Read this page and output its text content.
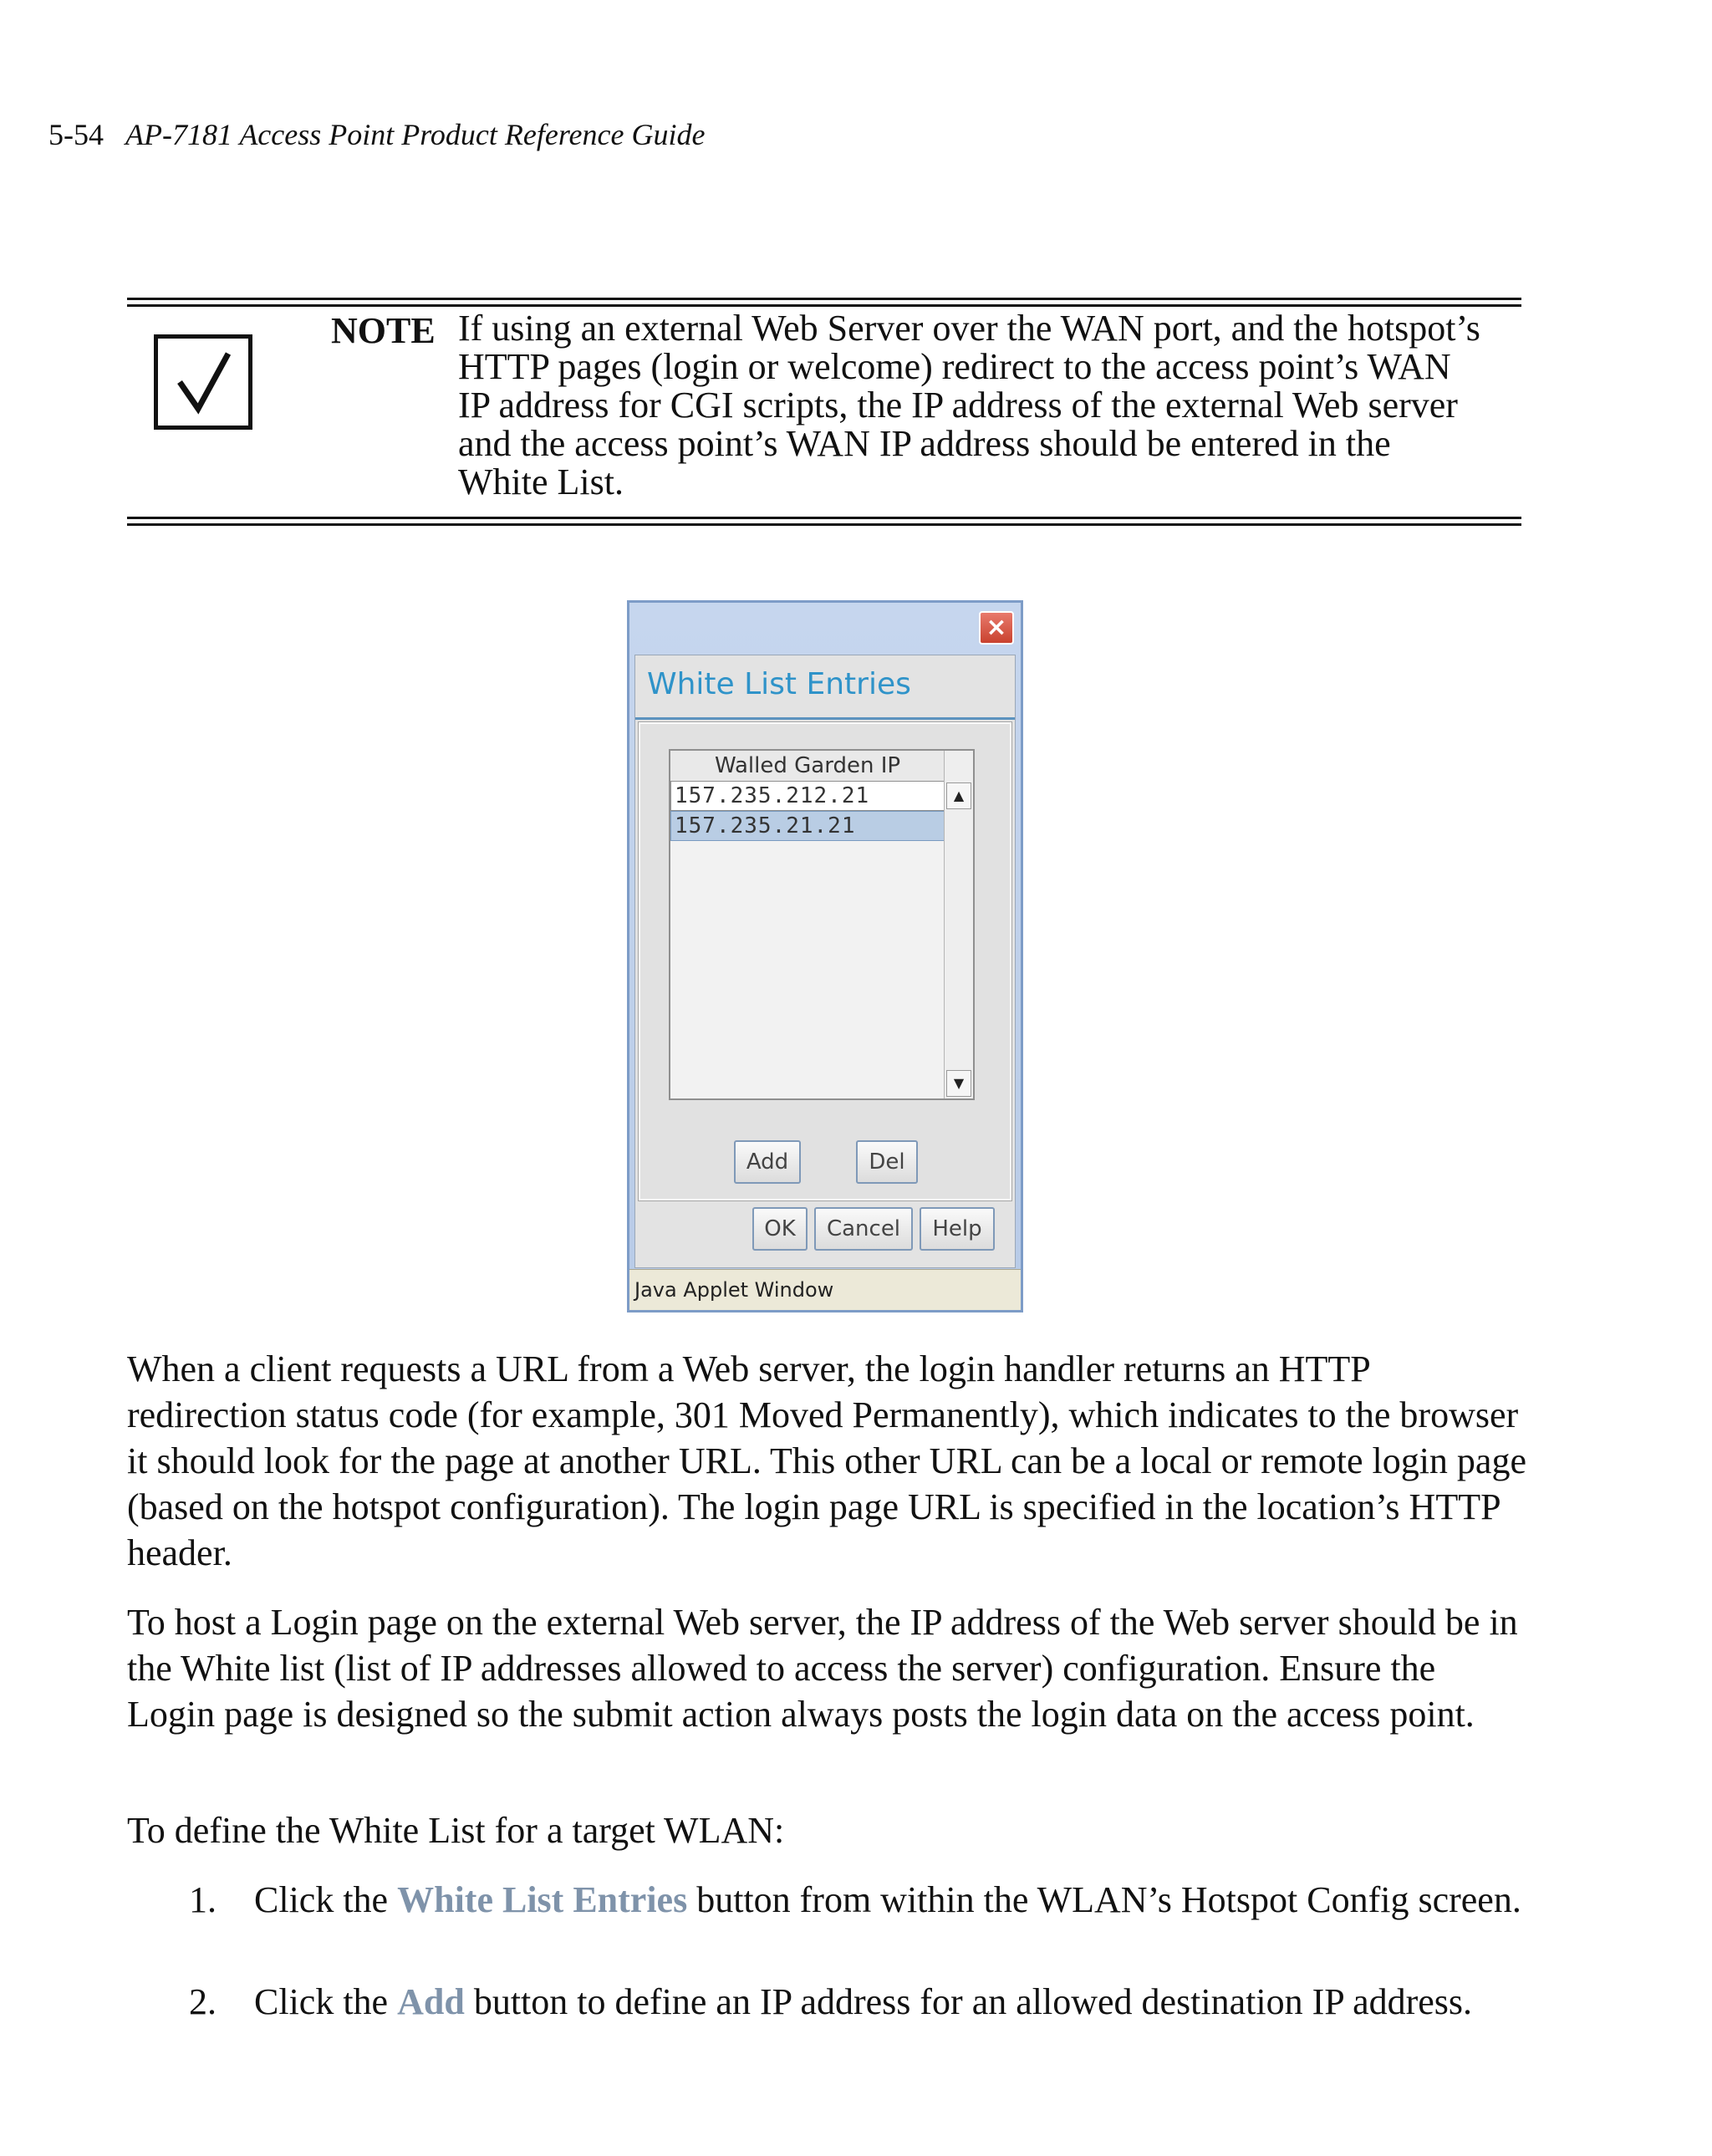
5-54 AP-7181 Access Point Product Reference Guide
NOTE If using an external Web Server over the WAN port, and the hotspot’s HTTP pages (login or welcome) redirect to the access point’s WAN IP address for CGI scripts, the IP address of the external Web server and the access point’s WAN IP address should be entered in the White List.
×
White List Entries
Walled Garden IP
157.235.212.21
157.235.21.21
▲
▼
Add	Del
OK	Cancel	Help
Java Applet Window
When a client requests a URL from a Web server, the login handler returns an HTTP redirection status code (for example, 301 Moved Permanently), which indicates to the browser it should look for the page at another URL. This other URL can be a local or remote login page (based on the hotspot configuration). The login page URL is specified in the location’s HTTP header.
To host a Login page on the external Web server, the IP address of the Web server should be in the White list (list of IP addresses allowed to access the server) configuration. Ensure the Login page is designed so the submit action always posts the login data on the access point.
To define the White List for a target WLAN:
1. Click the White List Entries button from within the WLAN’s Hotspot Config screen.
2. Click the Add button to define an IP address for an allowed destination IP address.
